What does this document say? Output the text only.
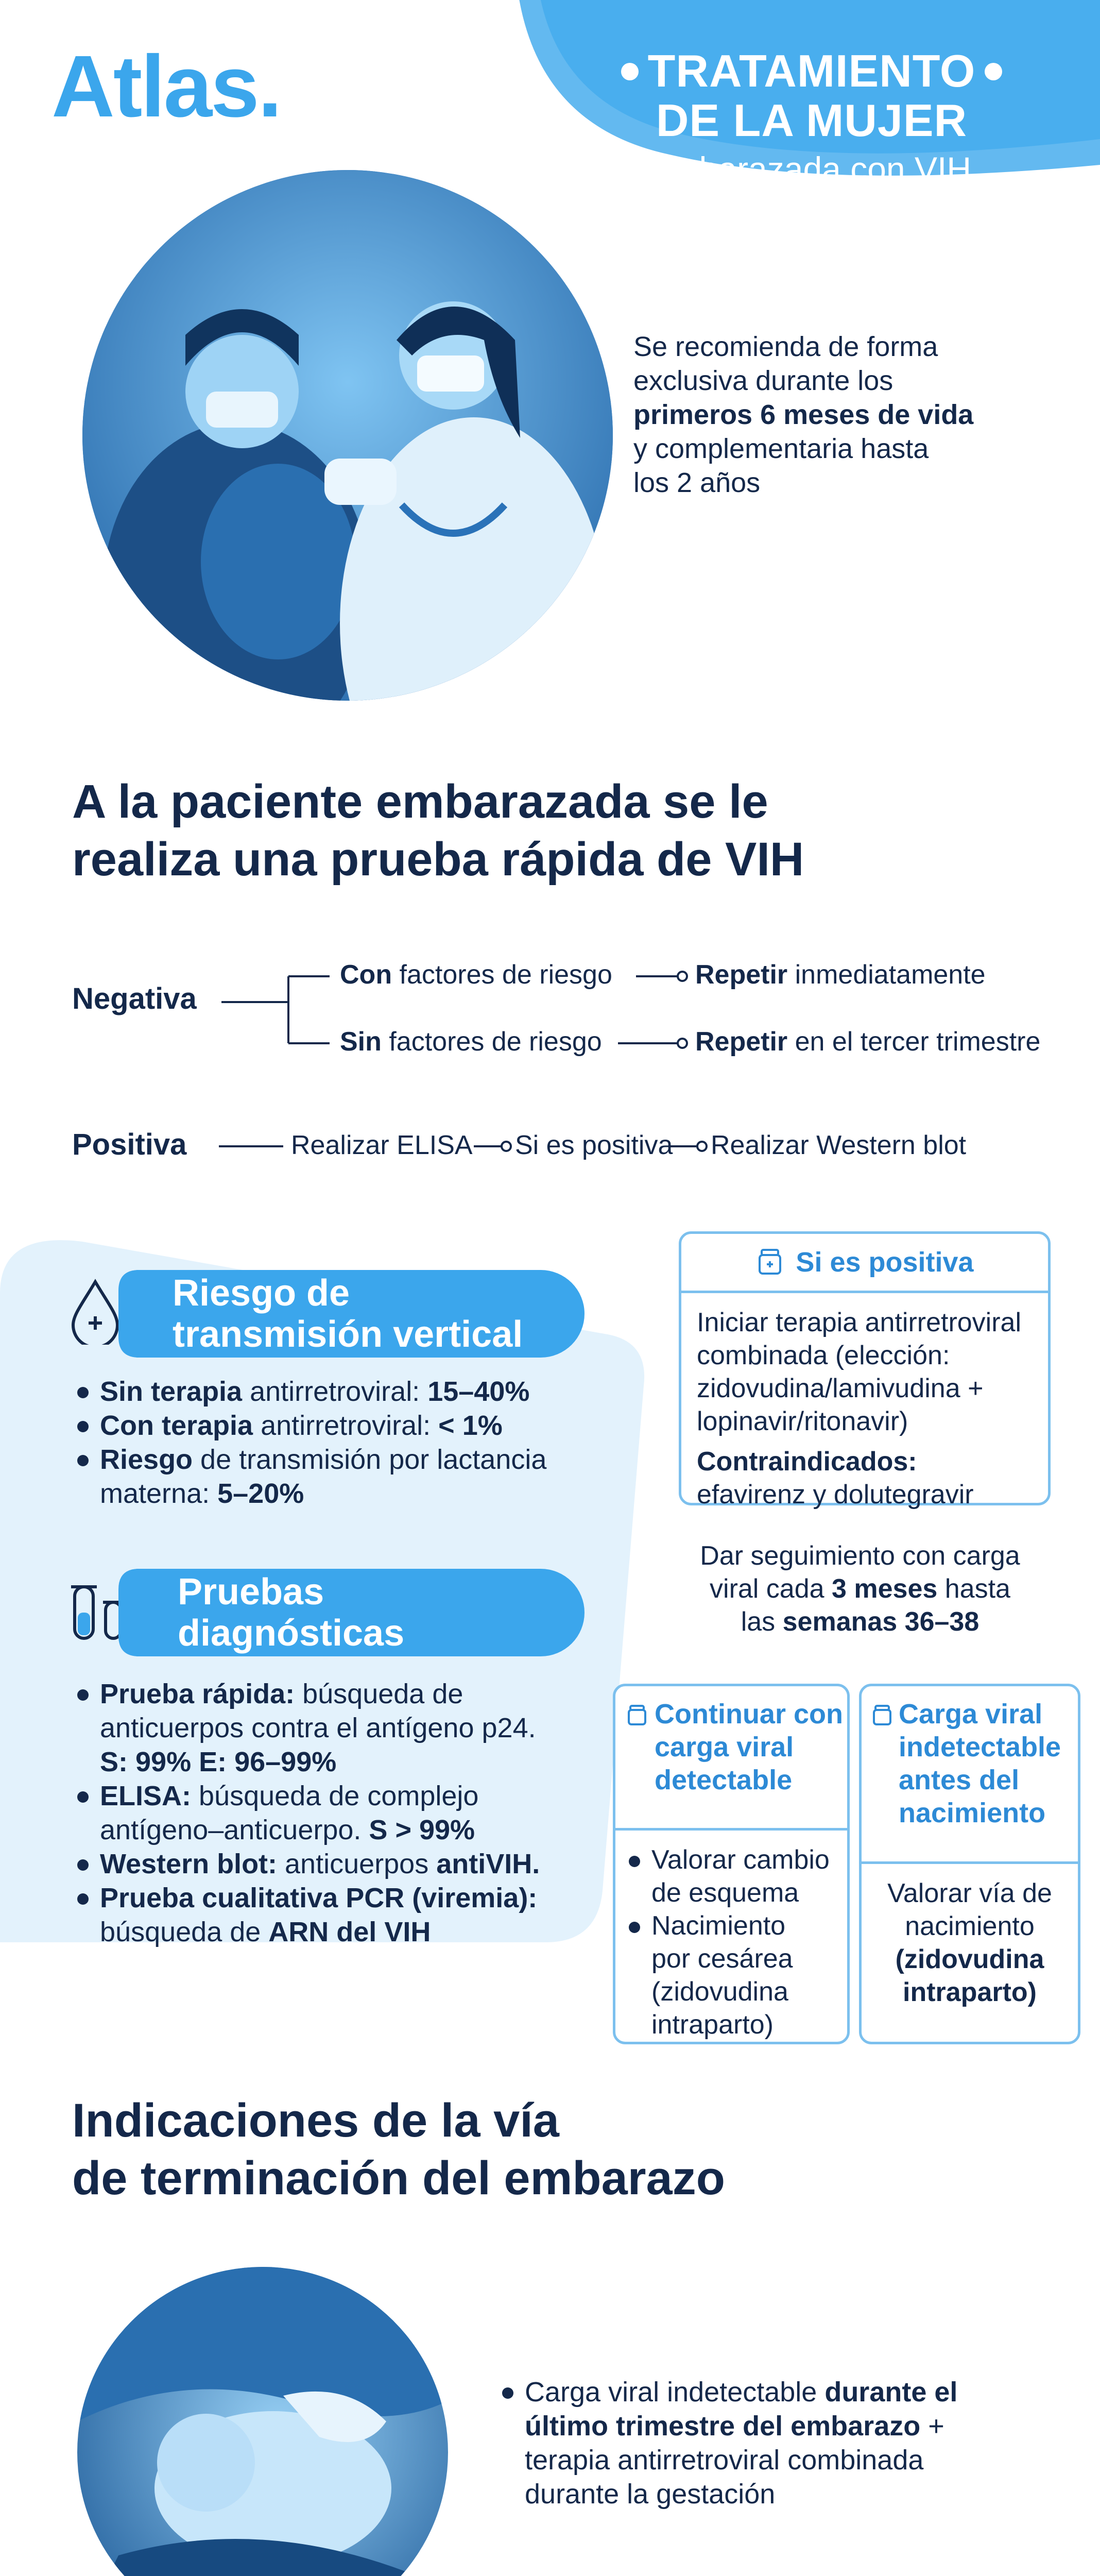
Atlas.	TRATAMIENTO
DE LA MUJER
embarazada con VIH
Se recomienda de forma
exclusiva durante los
primeros 6 meses de vida
y complementaria hasta
los 2 años
A la paciente embarazada se le
realiza una prueba rápida de VIH
Negativa
Con factores de riesgo
Sin factores de riesgo
Repetir inmediatamente
Repetir en el tercer trimestre
Positiva	Realizar ELISA Si es positiva Realizar Western blot
Riesgo de
transmisión vertical
Sin terapia antirretroviral: 15–40%
Con terapia antirretroviral: < 1%
Riesgo de transmisión por lactancia
materna: 5–20%
Pruebas
diagnósticas
Prueba rápida: búsqueda de
anticuerpos contra el antígeno p24.
S: 99% E: 96–99%
ELISA: búsqueda de complejo
antígeno–anticuerpo. S > 99%
Western blot: anticuerpos antiVIH.
Prueba cualitativa PCR (viremia):
búsqueda de ARN del VIH
Si es positiva
Iniciar terapia antirretroviral
combinada (elección:
zidovudina/lamivudina +
lopinavir/ritonavir)
Contraindicados:
efavirenz y dolutegravir
Dar seguimiento con carga
viral cada 3 meses hasta
las semanas 36–38
Continuar con
carga viral
detectable
Valorar cambio
de esquema
Nacimiento
por cesárea
(zidovudina
intraparto)
Carga viral
indetectable
antes del
nacimiento
Valorar vía de
nacimiento
(zidovudina
intraparto)
Indicaciones de la vía
de terminación del embarazo
Carga viral indetectable durante el
último trimestre del embarazo +
terapia antirretroviral combinada
durante la gestación
